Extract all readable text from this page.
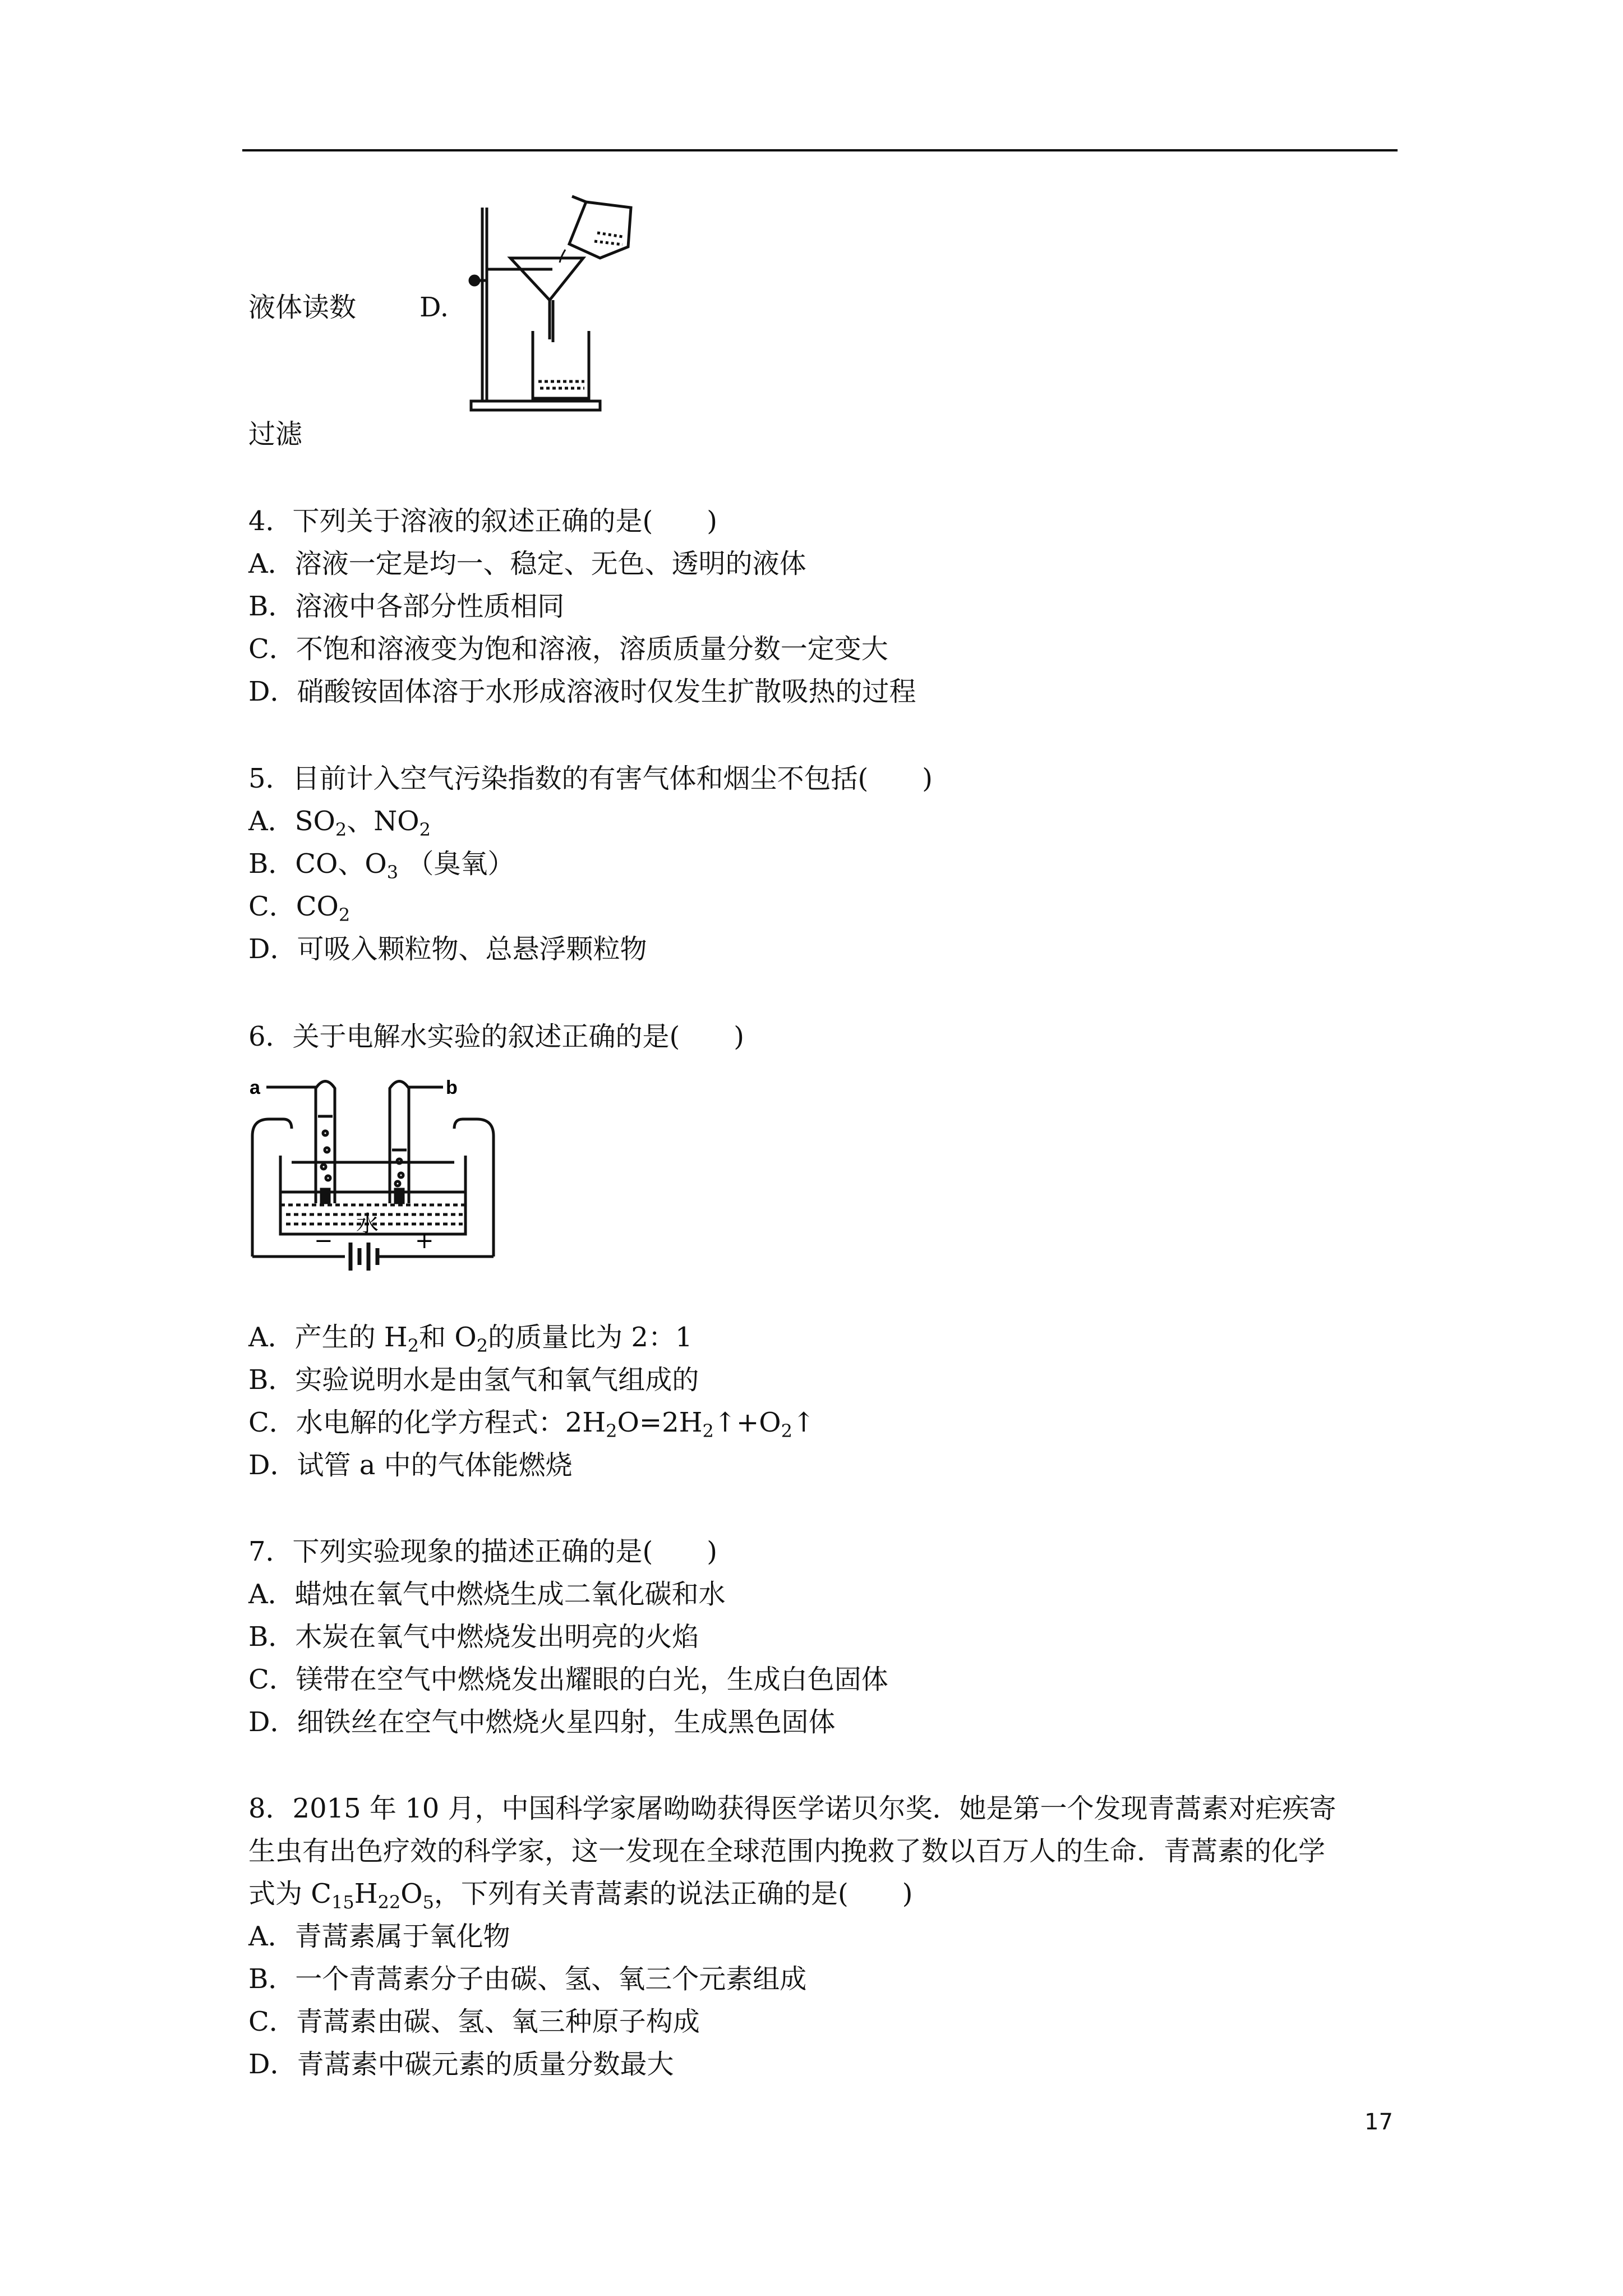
液体读数 D.
过滤
4．下列关于溶液的叙述正确的是(　　)
A．溶液一定是均一、稳定、无色、透明的液体
B．溶液中各部分性质相同
C．不饱和溶液变为饱和溶液，溶质质量分数一定变大
D．硝酸铵固体溶于水形成溶液时仅发生扩散吸热的过程
5．目前计入空气污染指数的有害气体和烟尘不包括(　　)
A．$SO_2$、$NO_2$
B．CO、$O_3$ （臭氧）
C．$CO_2$
D．可吸入颗粒物、总悬浮颗粒物
6．关于电解水实验的叙述正确的是(　　)
a	b
水
−	+
A．产生的 $H_2$和 $O_2$的质量比为 2：1
B．实验说明水是由氢气和氧气组成的
C．水电解的化学方程式：$2H_2O=2H_2↑+O_2↑$
D．试管 a 中的气体能燃烧
7．下列实验现象的描述正确的是(　　)
A．蜡烛在氧气中燃烧生成二氧化碳和水
B．木炭在氧气中燃烧发出明亮的火焰
C．镁带在空气中燃烧发出耀眼的白光，生成白色固体
D．细铁丝在空气中燃烧火星四射，生成黑色固体
8．2015 年 10 月，中国科学家屠呦呦获得医学诺贝尔奖．她是第一个发现青蒿素对疟疾寄
生虫有出色疗效的科学家，这一发现在全球范围内挽救了数以百万人的生命．青蒿素的化学
式为 $C_{15}H_{22}O_5$，下列有关青蒿素的说法正确的是(　　)
A．青蒿素属于氧化物
B．一个青蒿素分子由碳、氢、氧三个元素组成
C．青蒿素由碳、氢、氧三种原子构成
D．青蒿素中碳元素的质量分数最大
17
